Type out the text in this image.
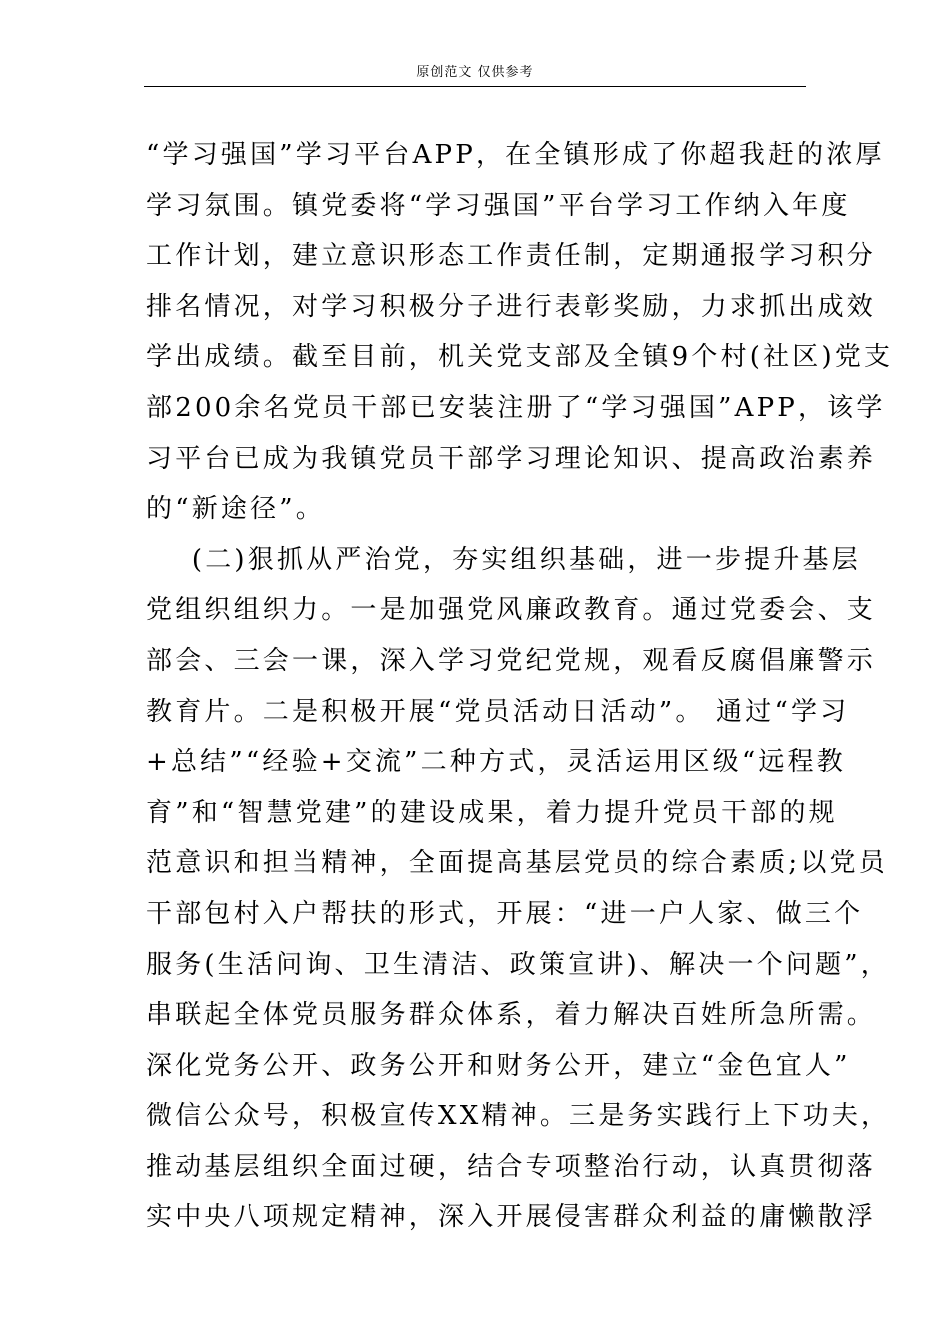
原创范文 仅供参考
“学习强国”学习平台APP，在全镇形成了你超我赶的浓厚
学习氛围。镇党委将“学习强国”平台学习工作纳入年度
工作计划，建立意识形态工作责任制，定期通报学习积分
排名情况，对学习积极分子进行表彰奖励，力求抓出成效
学出成绩。截至目前，机关党支部及全镇9个村(社区)党支
部200余名党员干部已安装注册了“学习强国”APP，该学
习平台已成为我镇党员干部学习理论知识、提高政治素养
的“新途径”。
(二)狠抓从严治党，夯实组织基础，进一步提升基层
党组织组织力。一是加强党风廉政教育。通过党委会、支
部会、三会一课，深入学习党纪党规，观看反腐倡廉警示
教育片。二是积极开展“党员活动日活动”。 通过“学习
+总结”“经验+交流”二种方式，灵活运用区级“远程教
育”和“智慧党建”的建设成果，着力提升党员干部的规
范意识和担当精神，全面提高基层党员的综合素质;以党员
干部包村入户帮扶的形式，开展：“进一户人家、做三个
服务(生活问询、卫生清洁、政策宣讲)、解决一个问题”，
串联起全体党员服务群众体系，着力解决百姓所急所需。
深化党务公开、政务公开和财务公开，建立“金色宜人”
微信公众号，积极宣传XX精神。三是务实践行上下功夫，
推动基层组织全面过硬，结合专项整治行动，认真贯彻落
实中央八项规定精神，深入开展侵害群众利益的庸懒散浮
